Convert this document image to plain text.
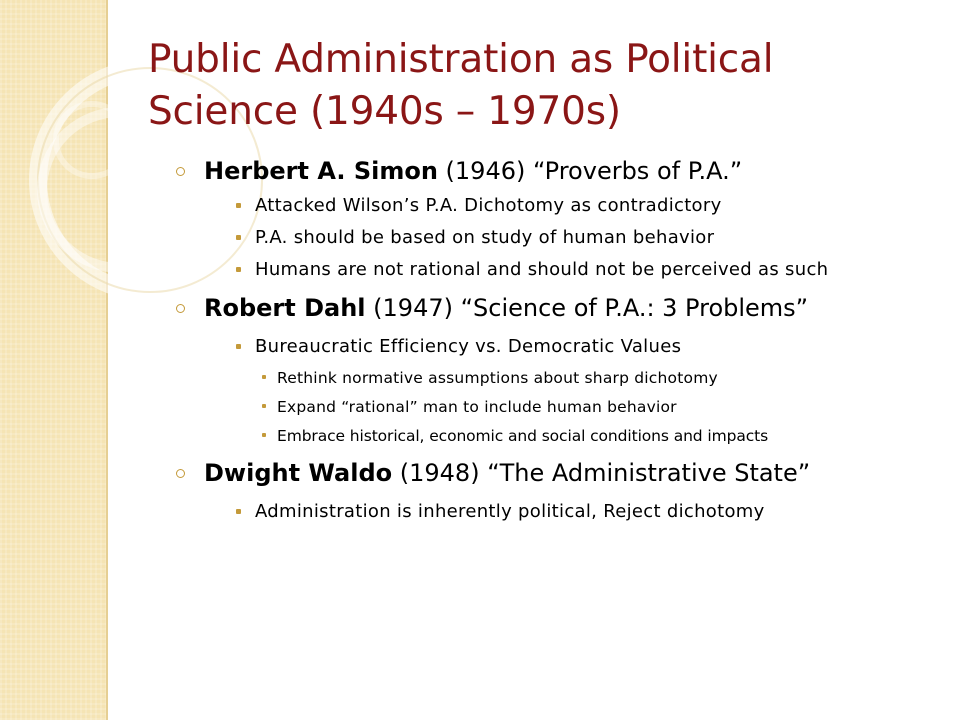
Public Administration as Political
Science (1940s – 1970s)
Herbert A. Simon (1946) “Proverbs of P.A.”
Attacked Wilson’s P.A. Dichotomy as contradictory
P.A. should be based on study of human behavior
Humans are not rational and should not be perceived as such
Robert Dahl (1947) “Science of P.A.: 3 Problems”
Bureaucratic Efficiency vs. Democratic Values
Rethink normative assumptions about sharp dichotomy
Expand “rational” man to include human behavior
Embrace historical, economic and social conditions and impacts
Dwight Waldo (1948) “The Administrative State”
Administration is inherently political, Reject dichotomy
